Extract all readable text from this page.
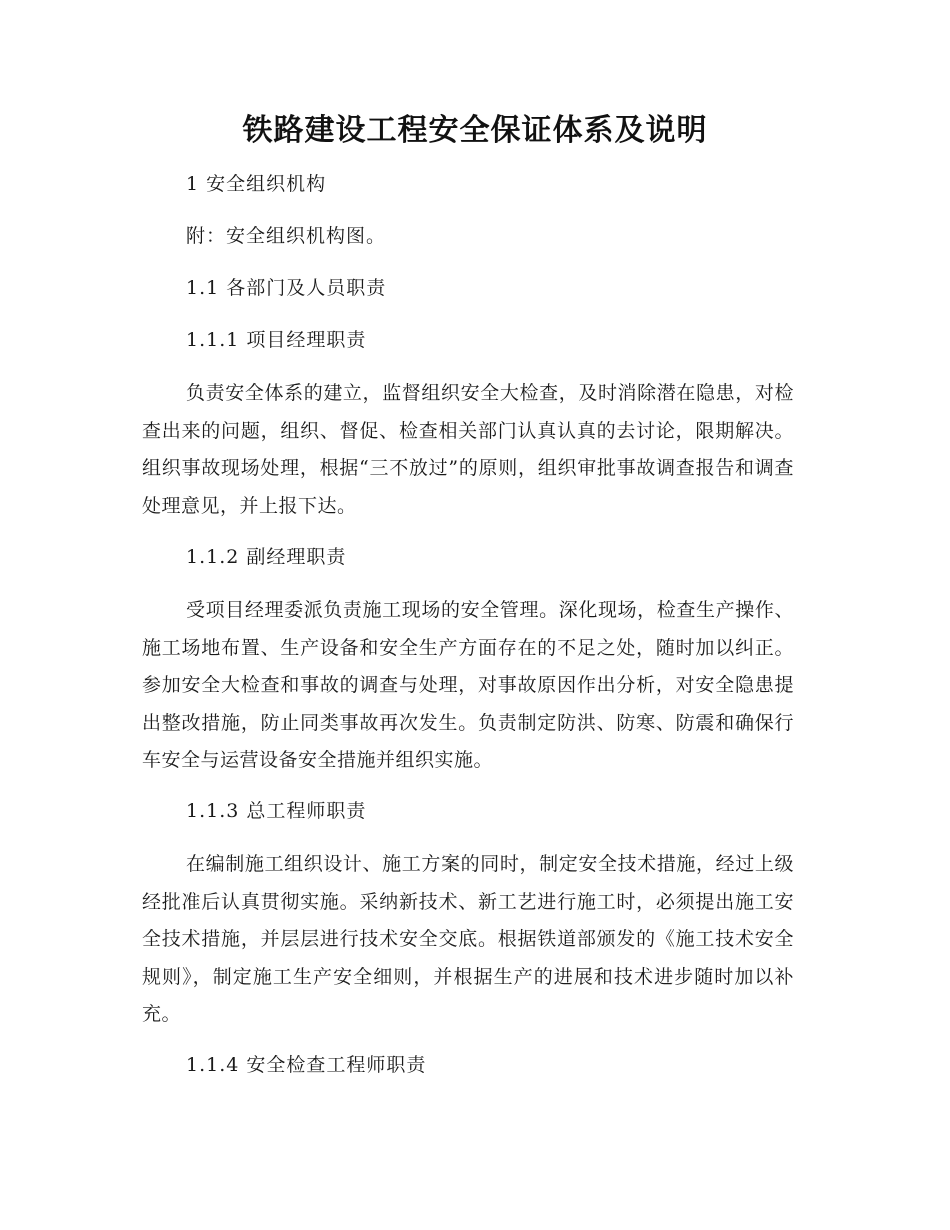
铁路建设工程安全保证体系及说明
1 安全组织机构
附：安全组织机构图。
1.1 各部门及人员职责
1.1.1 项目经理职责
负责安全体系的建立，监督组织安全大检查，及时消除潜在隐患，对检查出来的问题，组织、督促、检查相关部门认真认真的去讨论，限期解决。组织事故现场处理，根据“三不放过”的原则，组织审批事故调查报告和调查处理意见，并上报下达。
1.1.2 副经理职责
受项目经理委派负责施工现场的安全管理。深化现场，检查生产操作、施工场地布置、生产设备和安全生产方面存在的不足之处，随时加以纠正。参加安全大检查和事故的调查与处理，对事故原因作出分析，对安全隐患提出整改措施，防止同类事故再次发生。负责制定防洪、防寒、防震和确保行车安全与运营设备安全措施并组织实施。
1.1.3 总工程师职责
在编制施工组织设计、施工方案的同时，制定安全技术措施，经过上级经批准后认真贯彻实施。采纳新技术、新工艺进行施工时，必须提出施工安全技术措施，并层层进行技术安全交底。根据铁道部颁发的《施工技术安全规则》，制定施工生产安全细则，并根据生产的进展和技术进步随时加以补充。
1.1.4 安全检查工程师职责
